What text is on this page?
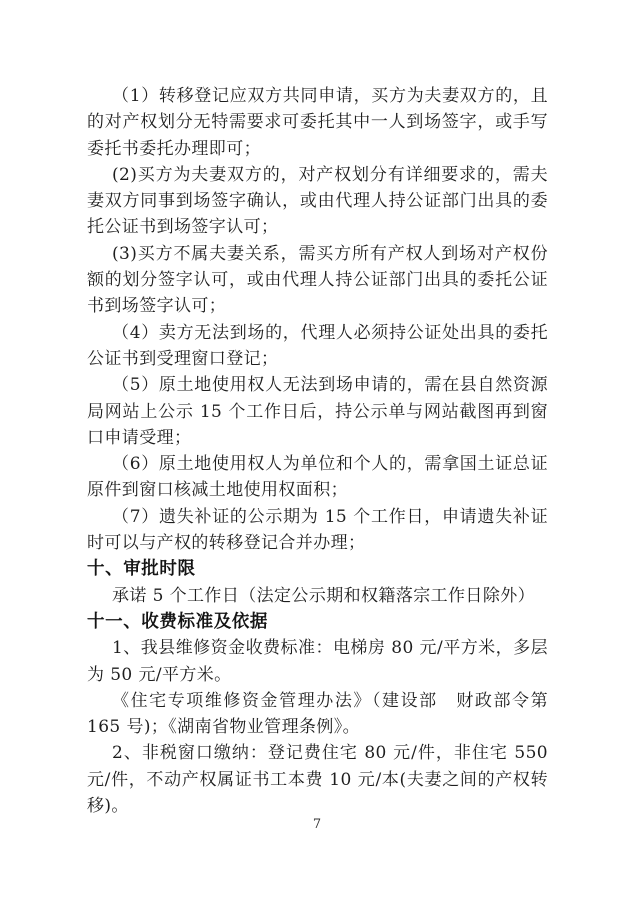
（1）转移登记应双方共同申请，买方为夫妻双方的，且的对产权划分无特需要求可委托其中一人到场签字，或手写委托书委托办理即可；

(2)买方为夫妻双方的，对产权划分有详细要求的，需夫妻双方同事到场签字确认，或由代理人持公证部门出具的委托公证书到场签字认可；

(3)买方不属夫妻关系，需买方所有产权人到场对产权份额的划分签字认可，或由代理人持公证部门出具的委托公证书到场签字认可；

（4）卖方无法到场的，代理人必须持公证处出具的委托公证书到受理窗口登记；

（5）原土地使用权人无法到场申请的，需在县自然资源局网站上公示 15 个工作日后，持公示单与网站截图再到窗口申请受理；

（6）原土地使用权人为单位和个人的，需拿国土证总证原件到窗口核减土地使用权面积；

（7）遗失补证的公示期为 15 个工作日，申请遗失补证时可以与产权的转移登记合并办理；

十、审批时限

承诺 5 个工作日（法定公示期和权籍落宗工作日除外）

十一、收费标准及依据

1、我县维修资金收费标准：电梯房 80 元/平方米，多层为 50 元/平方米。

《住宅专项维修资金管理办法》（建设部　财政部令第 165 号)；《湖南省物业管理条例》。

2、非税窗口缴纳：登记费住宅 80 元/件，非住宅 550 元/件，不动产权属证书工本费 10 元/本(夫妻之间的产权转移)。

7
